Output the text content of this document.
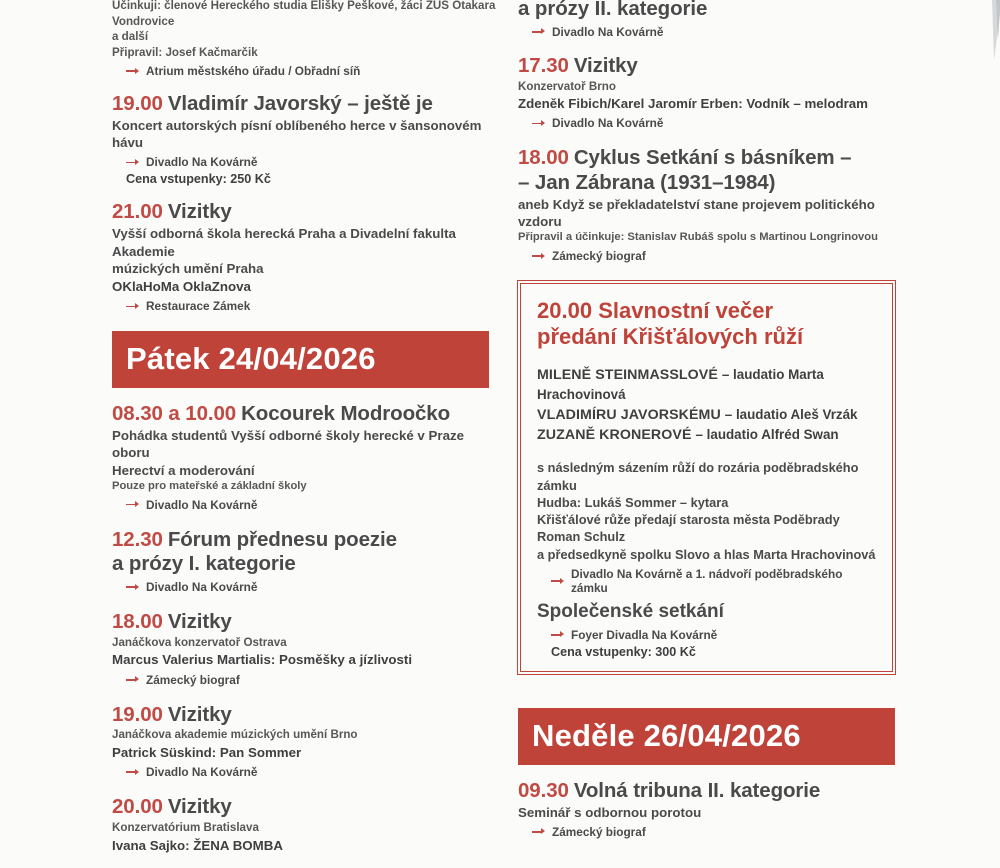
Účinkuji: členové Hereckého studia Elišky Peškové, žáci ZUŠ Otakara Vondrovice

a další

Připravil: Josef Kačmarčik

Atrium městského úřadu / Obřadní síň

19.00 Vladimír Javorský – ještě je

Koncert autorských písní oblíbeného herce v šansonovém hávu

Divadlo Na Kovárně

Cena vstupenky: 250 Kč

21.00 Vizitky

Vyšší odborná škola herecká Praha a Divadelní fakulta Akademie

múzických umění Praha

OKlaHoMa OklaZnova

Restaurace Zámek
Pátek 24/04/2026

08.30 a 10.00 Kocourek Modroočko

Pohádka studentů Vyšší odborné školy herecké v Praze oboru

Herectví a moderování

Pouze pro mateřské a základní školy

Divadlo Na Kovárně

12.30 Fórum přednesu poezie

a prózy I. kategorie

Divadlo Na Kovárně

18.00 Vizitky

Janáčkova konzervatoř Ostrava

Marcus Valerius Martialis: Posměšky a jízlivosti

Zámecký biograf

19.00 Vizitky

Janáčkova akademie múzických umění Brno

Patrick Süskind: Pan Sommer

Divadlo Na Kovárně

20.00 Vizitky

Konzervatórium Bratislava

Ivana Sajko: ŽENA BOMBA

a prózy II. kategorie

Divadlo Na Kovárně

17.30 Vizitky

Konzervatoř Brno

Zdeněk Fibich/Karel Jaromír Erben: Vodník – melodram

Divadlo Na Kovárně

18.00 Cyklus Setkání s básníkem –

– Jan Zábrana (1931–1984)

aneb Když se překladatelství stane projevem politického vzdoru

Připravil a účinkuje: Stanislav Rubáš spolu s Martinou Longrinovou

Zámecký biograf

20.00 Slavnostní večer
předání Křišťálových růží

MILENĚ STEINMASSLOVÉ – laudatio Marta Hrachovinová

VLADIMÍRU JAVORSKÉMU – laudatio Aleš Vrzák

ZUZANĚ KRONEROVÉ – laudatio Alfréd Swan

s následným sázením růží do rozária poděbradského zámku

Hudba: Lukáš Sommer – kytara

Křišťálové růže předají starosta města Poděbrady Roman Schulz

a předsedkyně spolku Slovo a hlas Marta Hrachovinová

Divadlo Na Kovárně a 1. nádvoří poděbradského zámku

Společenské setkání

Foyer Divadla Na Kovárně

Cena vstupenky: 300 Kč

Neděle 26/04/2026

09.30 Volná tribuna II. kategorie

Seminář s odbornou porotou

Zámecký biograf
